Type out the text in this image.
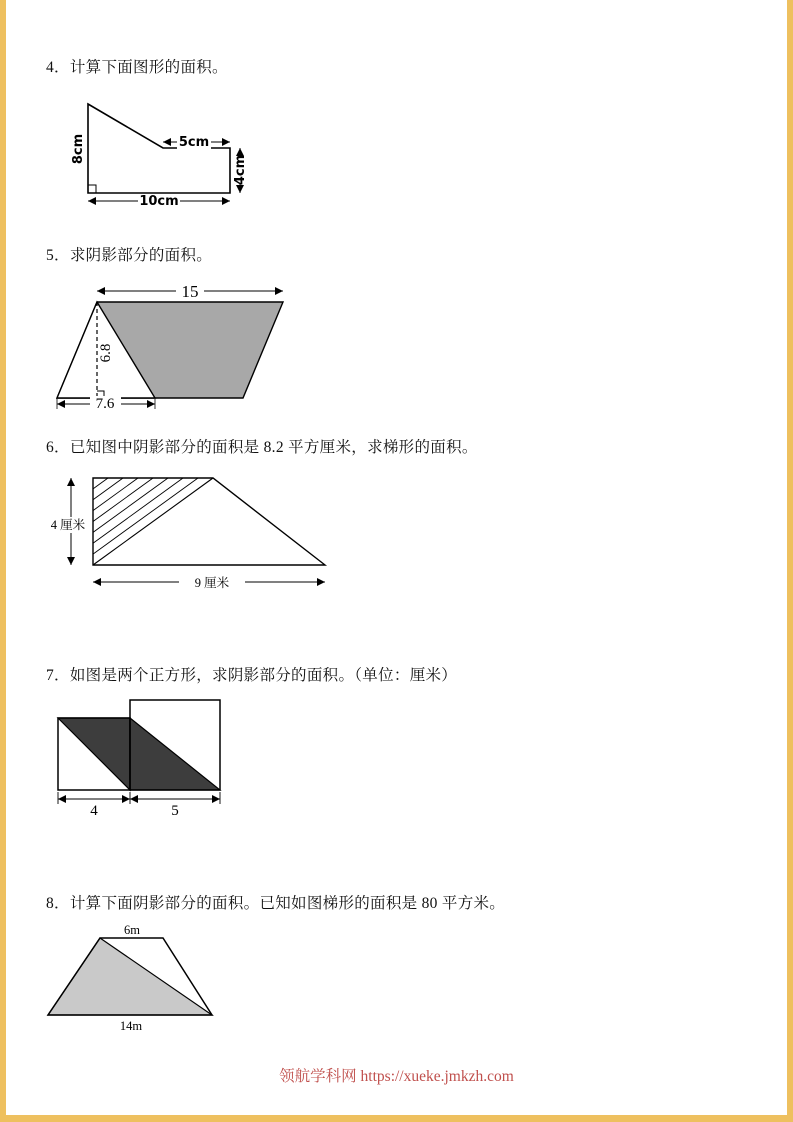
4．计算下面图形的面积。
5cm
4cm
8cm
10cm
5．求阴影部分的面积。
15
6.8
7.6
6．已知图中阴影部分的面积是 8.2 平方厘米，求梯形的面积。
4 厘米
9 厘米
7．如图是两个正方形，求阴影部分的面积。（单位：厘米）
4	5
8．计算下面阴影部分的面积。已知如图梯形的面积是 80 平方米。
6m
14m
领航学科网 https://xueke.jmkzh.com
